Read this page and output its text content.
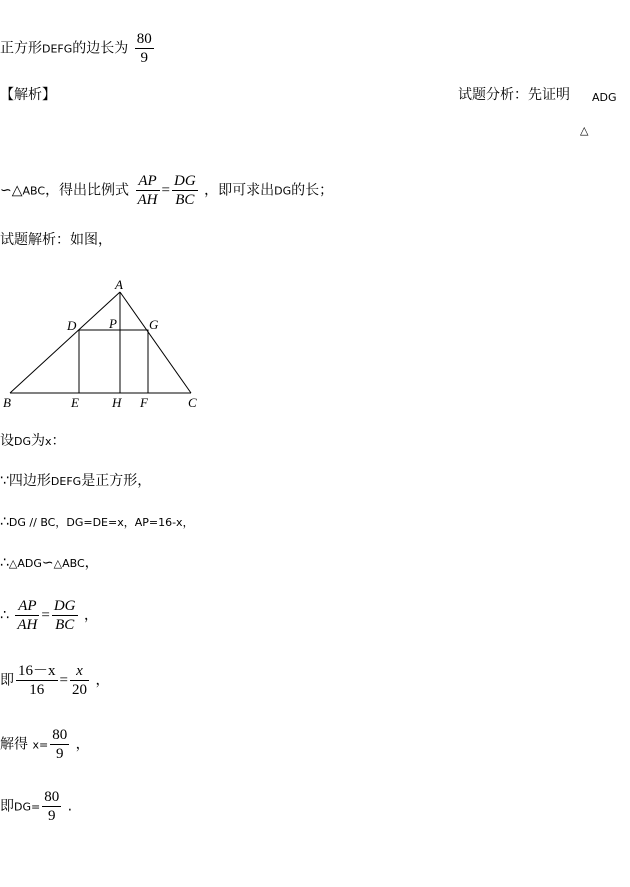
正方形DEFG的边长为 $\frac{80}{9}$
【解析】	试题分析：先证明 ADG
△
∽△ABC，得出比例式 $\frac{AP}{AH} = \frac{DG}{BC}$ ，即可求出DG的长；
试题解析：如图，
A
D	P G
B	E	H F	C
设DG为x：
∵四边形DEFG是正方形，
∴DG // BC，DG=DE=x，AP=16-x，
∴△ADG∽△ABC，
∴ $\frac{AP}{AH} = \frac{DG}{BC}$ ，
即 $\frac{16-x}{16} = \frac{x}{20}$ ，
解得 $x= \frac{80}{9}$ ，
即$DG= \frac{80}{9}$ .
